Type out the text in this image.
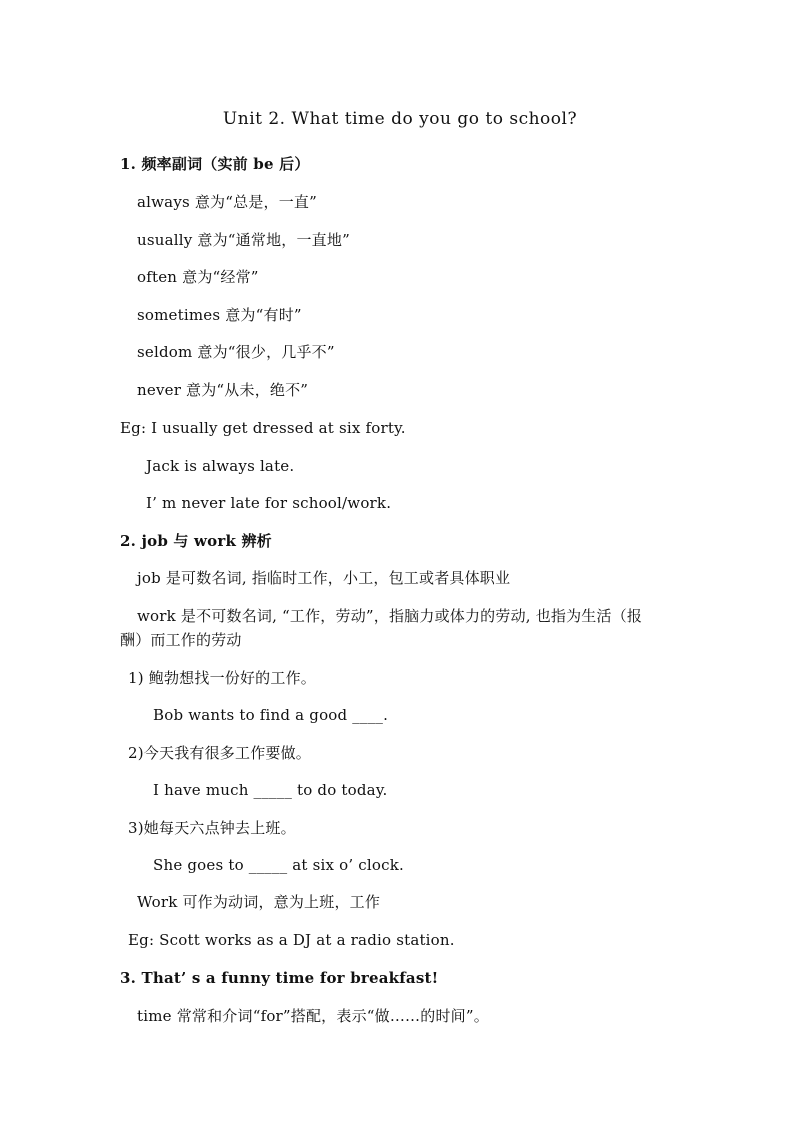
Unit 2. What time do you go to school?
1. 频率副词（实前 be 后）
always 意为“总是，一直”
usually 意为“通常地，一直地”
often 意为“经常”
sometimes 意为“有时”
seldom 意为“很少，几乎不”
never 意为“从未，绝不”
Eg: I usually get dressed at six forty.
Jack is always late.
I’ m never late for school/work.
2. job 与 work 辨析
job 是可数名词, 指临时工作，小工，包工或者具体职业
work 是不可数名词, “工作，劳动”，指脑力或体力的劳动, 也指为生活（报
酬）而工作的劳动
1) 鲍勃想找一份好的工作。
Bob wants to find a good ____.
2)今天我有很多工作要做。
I have much _____ to do today.
3)她每天六点钟去上班。
She goes to _____ at six o’ clock.
Work 可作为动词，意为上班，工作
Eg: Scott works as a DJ at a radio station.
3. That’ s a funny time for breakfast!
time 常常和介词“for”搭配，表示“做……的时间”。
